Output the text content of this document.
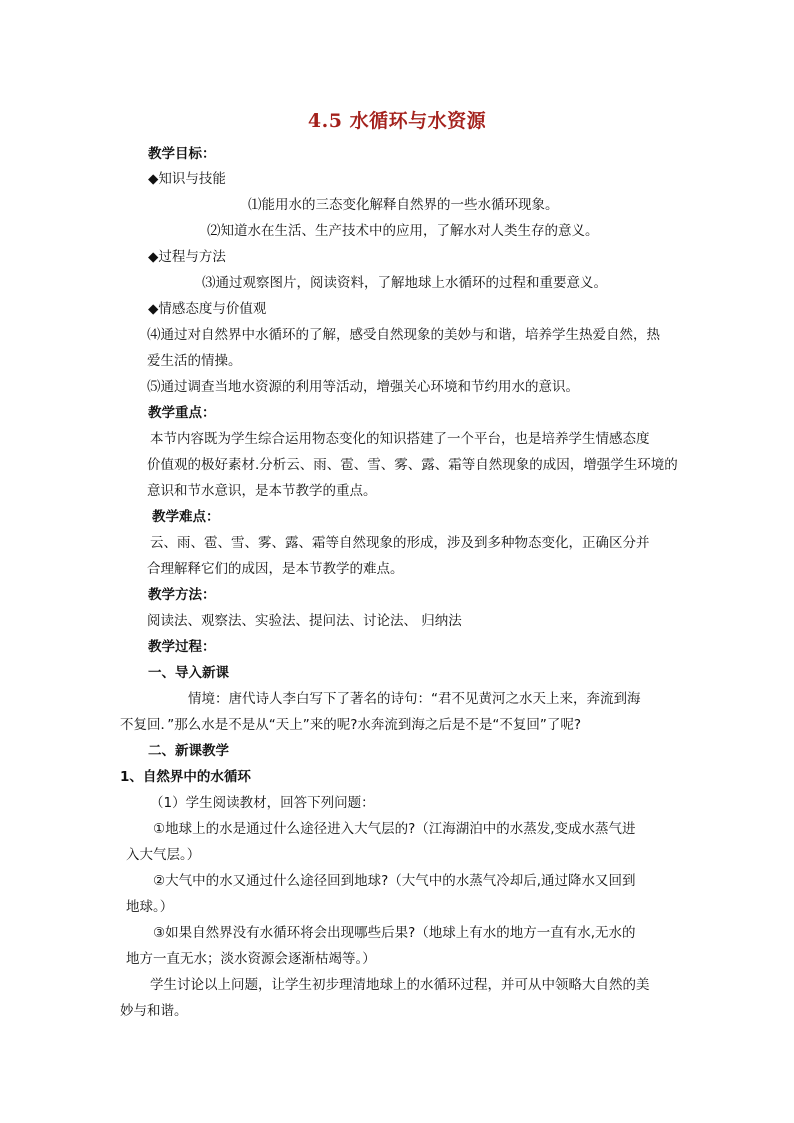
4.5 水循环与水资源
教学目标：
◆知识与技能
⑴能用水的三态变化解释自然界的一些水循环现象。
⑵知道水在生活、生产技术中的应用，了解水对人类生存的意义。
◆过程与方法
⑶通过观察图片，阅读资料，了解地球上水循环的过程和重要意义。
◆情感态度与价值观
⑷通过对自然界中水循环的了解，感受自然现象的美妙与和谐，培养学生热爱自然，热
爱生活的情操。
⑸通过调查当地水资源的利用等活动，增强关心环境和节约用水的意识。
教学重点：
本节内容既为学生综合运用物态变化的知识搭建了一个平台，也是培养学生情感态度
价值观的极好素材.分析云、雨、雹、雪、雾、露、霜等自然现象的成因，增强学生环境的
意识和节水意识，是本节教学的重点。
教学难点：
云、雨、雹、雪、雾、露、霜等自然现象的形成，涉及到多种物态变化，正确区分并
合理解释它们的成因，是本节教学的难点。
教学方法：
阅读法、观察法、实验法、提问法、讨论法、 归纳法
教学过程：
一、导入新课
情境：唐代诗人李白写下了著名的诗句：“君不见黄河之水天上来，奔流到海
不复回．”那么水是不是从“天上”来的呢?水奔流到海之后是不是“不复回”了呢?
二、新课教学
1、自然界中的水循环
（1）学生阅读教材，回答下列问题：
①地球上的水是通过什么途径进入大气层的?（江海湖泊中的水蒸发,变成水蒸气进
入大气层。）
②大气中的水又通过什么途径回到地球?（大气中的水蒸气冷却后,通过降水又回到
地球。）
③如果自然界没有水循环将会出现哪些后果?（地球上有水的地方一直有水,无水的
地方一直无水；淡水资源会逐渐枯竭等。）
学生讨论以上问题，让学生初步理清地球上的水循环过程，并可从中领略大自然的美
妙与和谐。
